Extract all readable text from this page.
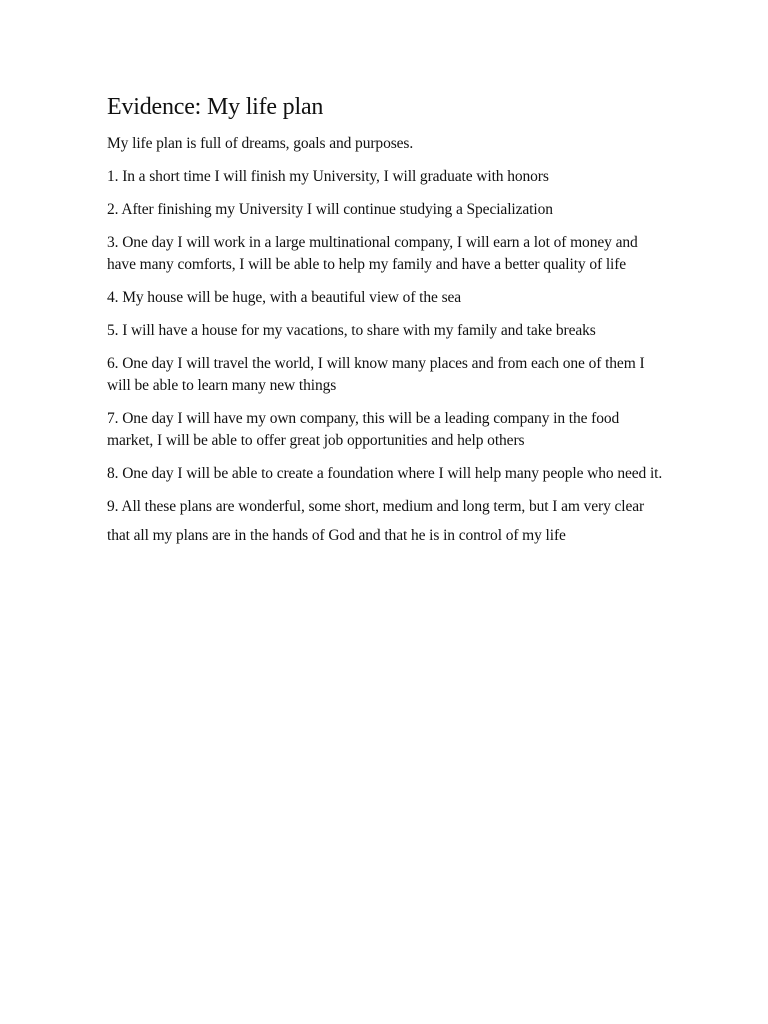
Evidence: My life plan

My life plan is full of dreams, goals and purposes.

1. In a short time I will finish my University, I will graduate with honors

2. After finishing my University I will continue studying a Specialization

3. One day I will work in a large multinational company, I will earn a lot of money and have many comforts, I will be able to help my family and have a better quality of life

4. My house will be huge, with a beautiful view of the sea

5. I will have a house for my vacations, to share with my family and take breaks

6. One day I will travel the world, I will know many places and from each one of them I will be able to learn many new things

7. One day I will have my own company, this will be a leading company in the food market, I will be able to offer great job opportunities and help others

8. One day I will be able to create a foundation where I will help many people who need it.

9. All these plans are wonderful, some short, medium and long term, but I am very clear that all my plans are in the hands of God and that he is in control of my life
